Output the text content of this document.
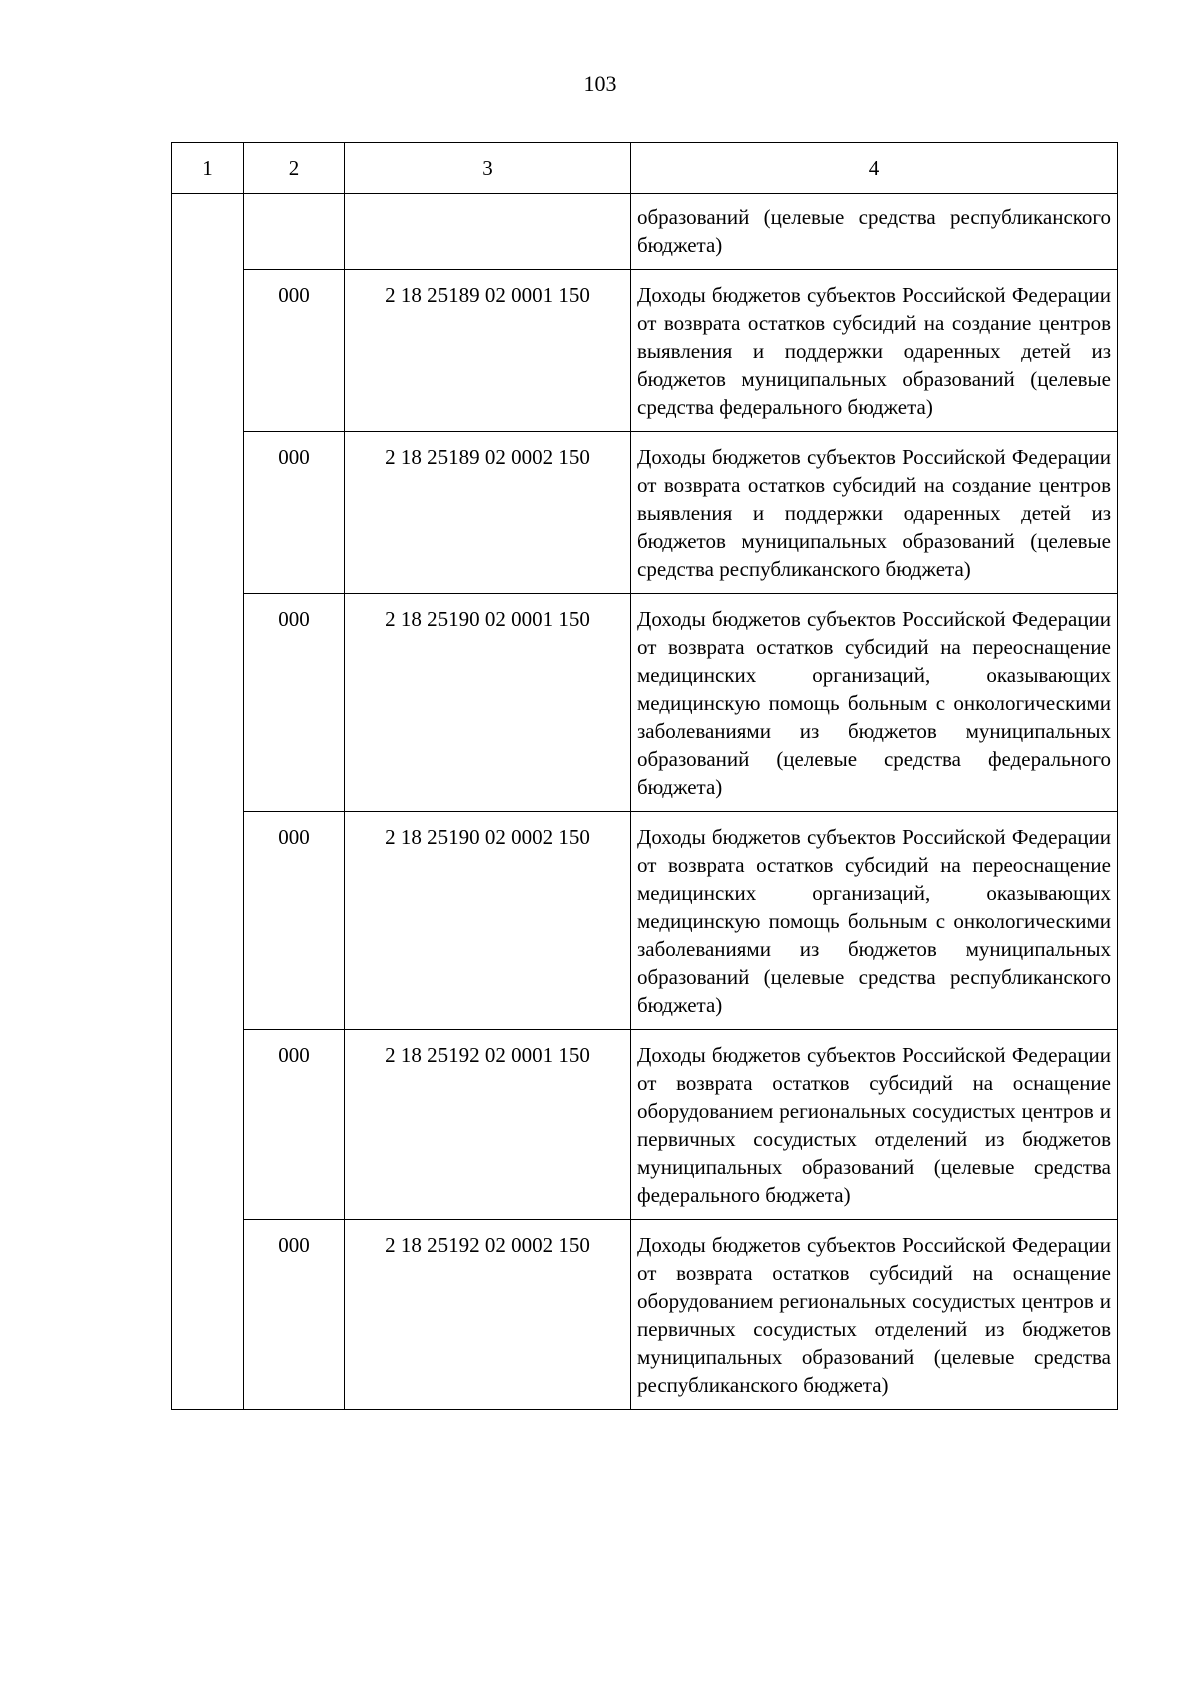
103
1	2	3	4
			образований (целевые средства республиканского бюджета)
	000	2 18 25189 02 0001 150	Доходы бюджетов субъектов Российской Федерации от возврата остатков субсидий на создание центров выявления и поддержки одаренных детей из бюджетов муниципальных образований (целевые средства федерального бюджета)
	000	2 18 25189 02 0002 150	Доходы бюджетов субъектов Российской Федерации от возврата остатков субсидий на создание центров выявления и поддержки одаренных детей из бюджетов муниципальных образований (целевые средства республиканского бюджета)
	000	2 18 25190 02 0001 150	Доходы бюджетов субъектов Российской Федерации от возврата остатков субсидий на переоснащение медицинских организаций, оказывающих медицинскую помощь больным с онкологическими заболеваниями из бюджетов муниципальных образований (целевые средства федерального бюджета)
	000	2 18 25190 02 0002 150	Доходы бюджетов субъектов Российской Федерации от возврата остатков субсидий на переоснащение медицинских организаций, оказывающих медицинскую помощь больным с онкологическими заболеваниями из бюджетов муниципальных образований (целевые средства республиканского бюджета)
	000	2 18 25192 02 0001 150	Доходы бюджетов субъектов Российской Федерации от возврата остатков субсидий на оснащение оборудованием региональных сосудистых центров и первичных сосудистых отделений из бюджетов муниципальных образований (целевые средства федерального бюджета)
	000	2 18 25192 02 0002 150	Доходы бюджетов субъектов Российской Федерации от возврата остатков субсидий на оснащение оборудованием региональных сосудистых центров и первичных сосудистых отделений из бюджетов муниципальных образований (целевые средства республиканского бюджета)
